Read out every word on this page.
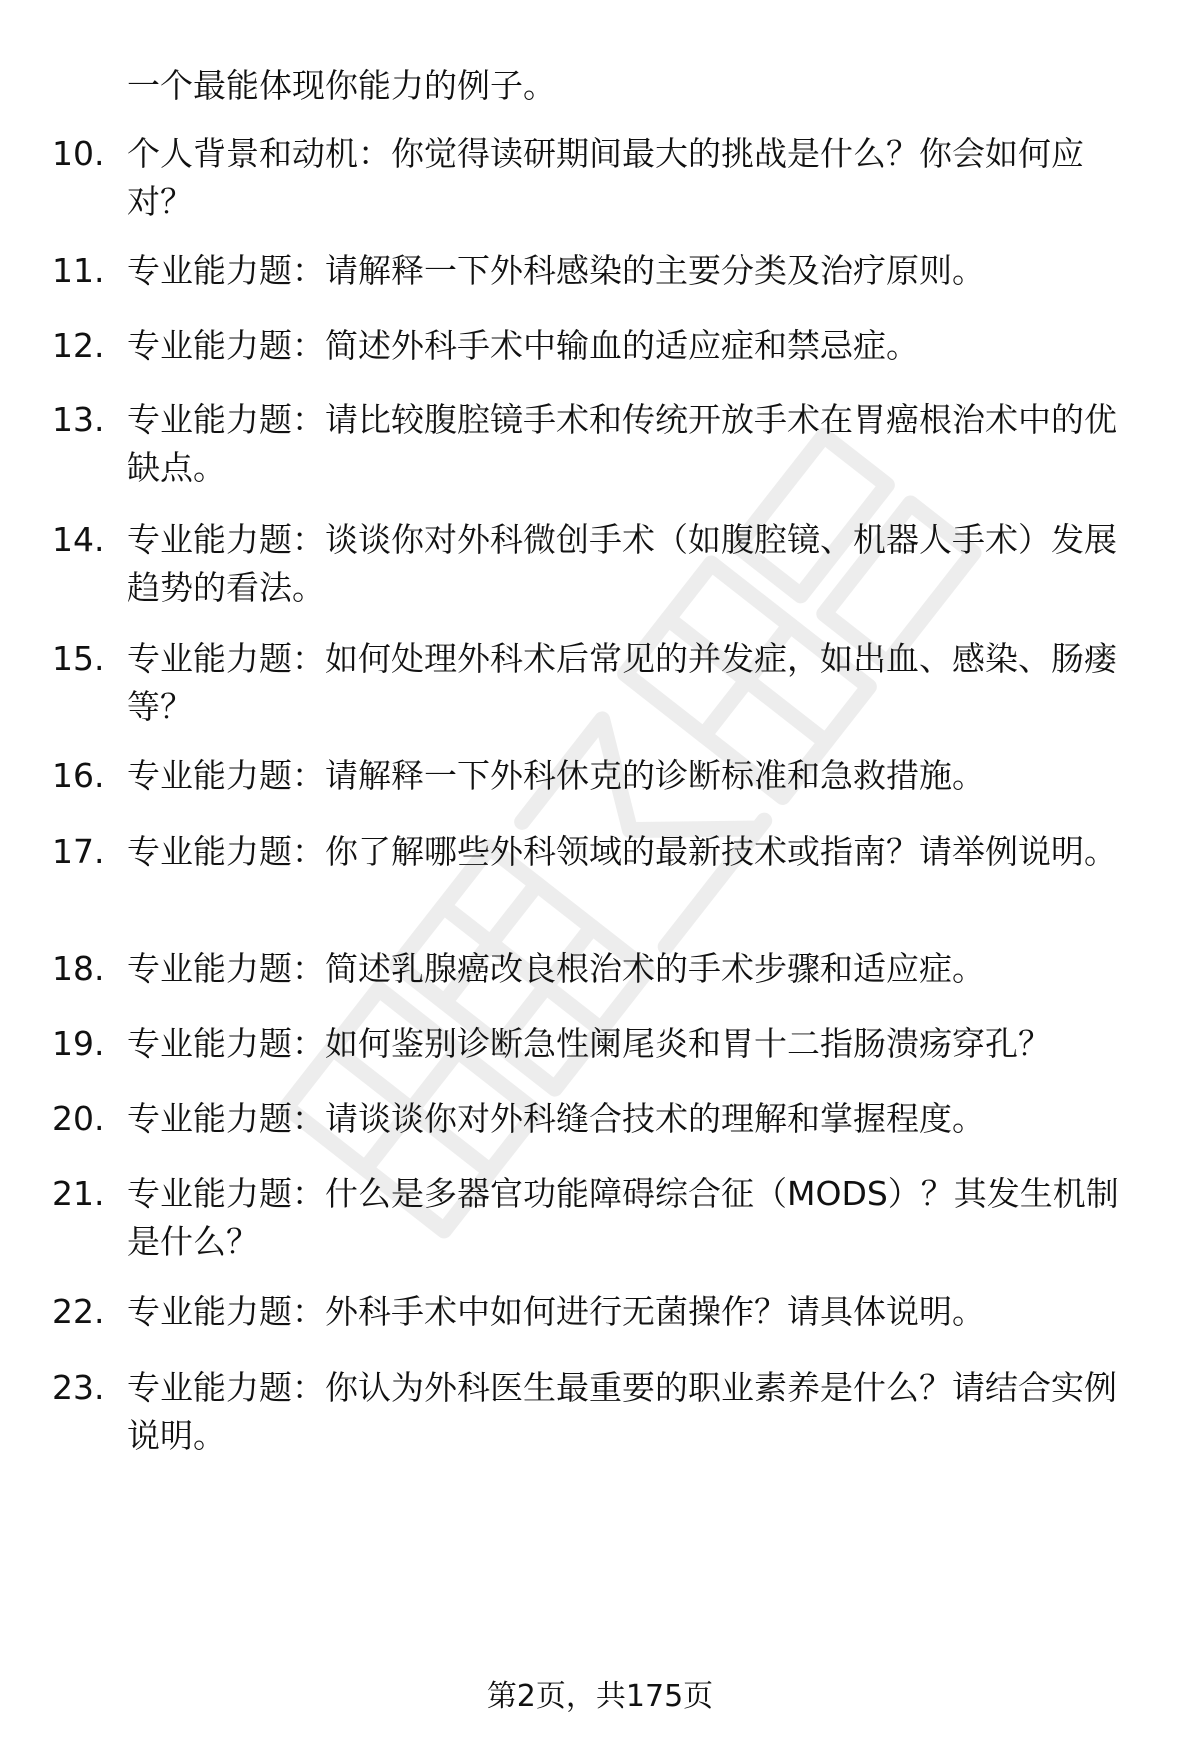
一个最能体现你能力的例子。
10. 个人背景和动机：你觉得读研期间最大的挑战是什么？你会如何应对？
11. 专业能力题：请解释一下外科感染的主要分类及治疗原则。
12. 专业能力题：简述外科手术中输血的适应症和禁忌症。
13. 专业能力题：请比较腹腔镜手术和传统开放手术在胃癌根治术中的优缺点。
14. 专业能力题：谈谈你对外科微创手术（如腹腔镜、机器人手术）发展趋势的看法。
15. 专业能力题：如何处理外科术后常见的并发症，如出血、感染、肠瘘等？
16. 专业能力题：请解释一下外科休克的诊断标准和急救措施。
17. 专业能力题：你了解哪些外科领域的最新技术或指南？请举例说明。
18. 专业能力题：简述乳腺癌改良根治术的手术步骤和适应症。
19. 专业能力题：如何鉴别诊断急性阑尾炎和胃十二指肠溃疡穿孔？
20. 专业能力题：请谈谈你对外科缝合技术的理解和掌握程度。
21. 专业能力题：什么是多器官功能障碍综合征（MODS）？其发生机制是什么？
22. 专业能力题：外科手术中如何进行无菌操作？请具体说明。
23. 专业能力题：你认为外科医生最重要的职业素养是什么？请结合实例说明。
第2页，共175页
